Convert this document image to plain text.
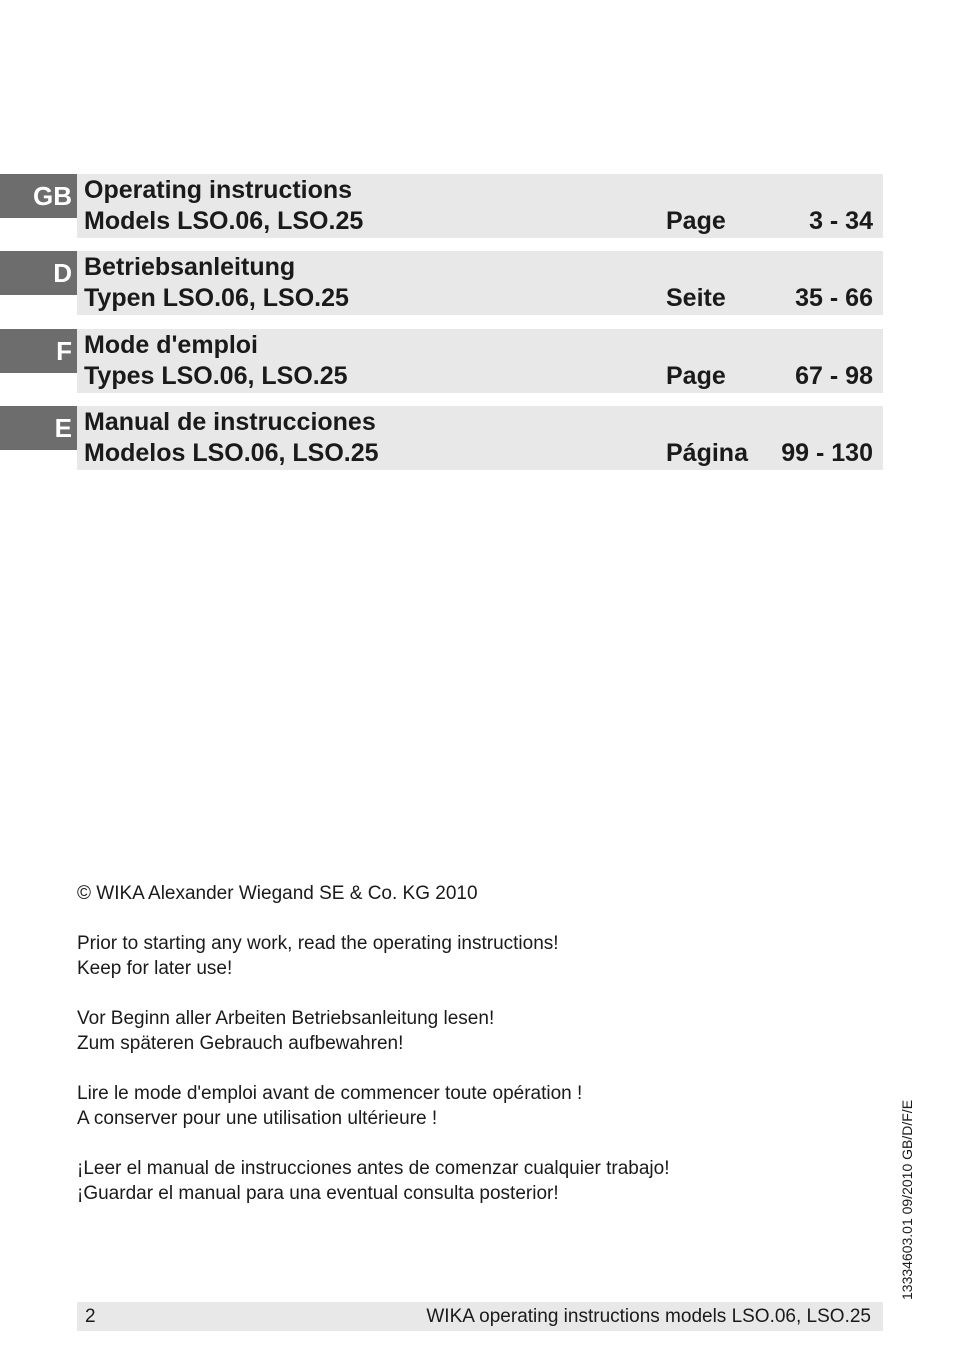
GB Operating instructions
Models LSO.06, LSO.25	Page	3 - 34
D Betriebsanleitung
Typen LSO.06, LSO.25	Seite	35 - 66
F Mode d'emploi
Types LSO.06, LSO.25	Page	67 - 98
E Manual de instrucciones
Modelos LSO.06, LSO.25	Página 99 - 130
© WIKA Alexander Wiegand SE & Co. KG 2010
Prior to starting any work, read the operating instructions!
Keep for later use!
Vor Beginn aller Arbeiten Betriebsanleitung lesen!
Zum späteren Gebrauch aufbewahren!
Lire le mode d'emploi avant de commencer toute opération !
A conserver pour une utilisation ultérieure !
¡Leer el manual de instrucciones antes de comenzar cualquier trabajo!
¡Guardar el manual para una eventual consulta posterior!	13334603.01 09/2010 GB/D/F/E
2	WIKA operating instructions models LSO.06, LSO.25
